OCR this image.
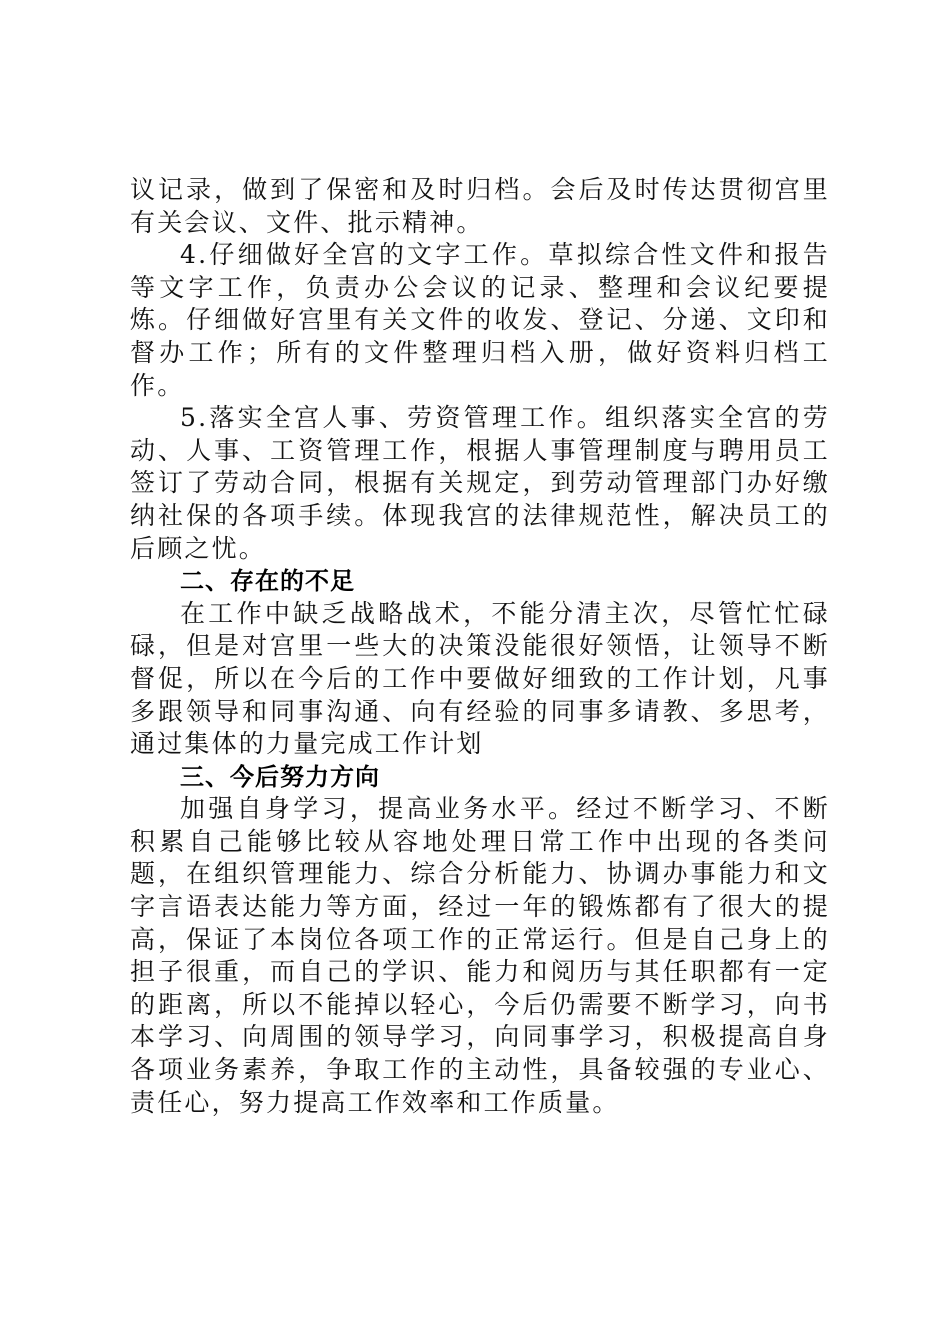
议记录，做到了保密和及时归档。会后及时传达贯彻宫里有关会议、文件、批示精神。

4.仔细做好全宫的文字工作。草拟综合性文件和报告等文字工作，负责办公会议的记录、整理和会议纪要提炼。仔细做好宫里有关文件的收发、登记、分递、文印和督办工作；所有的文件整理归档入册，做好资料归档工作。

5.落实全宫人事、劳资管理工作。组织落实全宫的劳动、人事、工资管理工作，根据人事管理制度与聘用员工签订了劳动合同，根据有关规定，到劳动管理部门办好缴纳社保的各项手续。体现我宫的法律规范性，解决员工的后顾之忧。

二、存在的不足

在工作中缺乏战略战术，不能分清主次，尽管忙忙碌碌，但是对宫里一些大的决策没能很好领悟，让领导不断督促，所以在今后的工作中要做好细致的工作计划，凡事多跟领导和同事沟通、向有经验的同事多请教、多思考，通过集体的力量完成工作计划

三、今后努力方向

加强自身学习，提高业务水平。经过不断学习、不断积累自己能够比较从容地处理日常工作中出现的各类问题，在组织管理能力、综合分析能力、协调办事能力和文字言语表达能力等方面，经过一年的锻炼都有了很大的提高，保证了本岗位各项工作的正常运行。但是自己身上的担子很重，而自己的学识、能力和阅历与其任职都有一定的距离，所以不能掉以轻心，今后仍需要不断学习，向书本学习、向周围的领导学习，向同事学习，积极提高自身各项业务素养，争取工作的主动性，具备较强的专业心、责任心，努力提高工作效率和工作质量。
